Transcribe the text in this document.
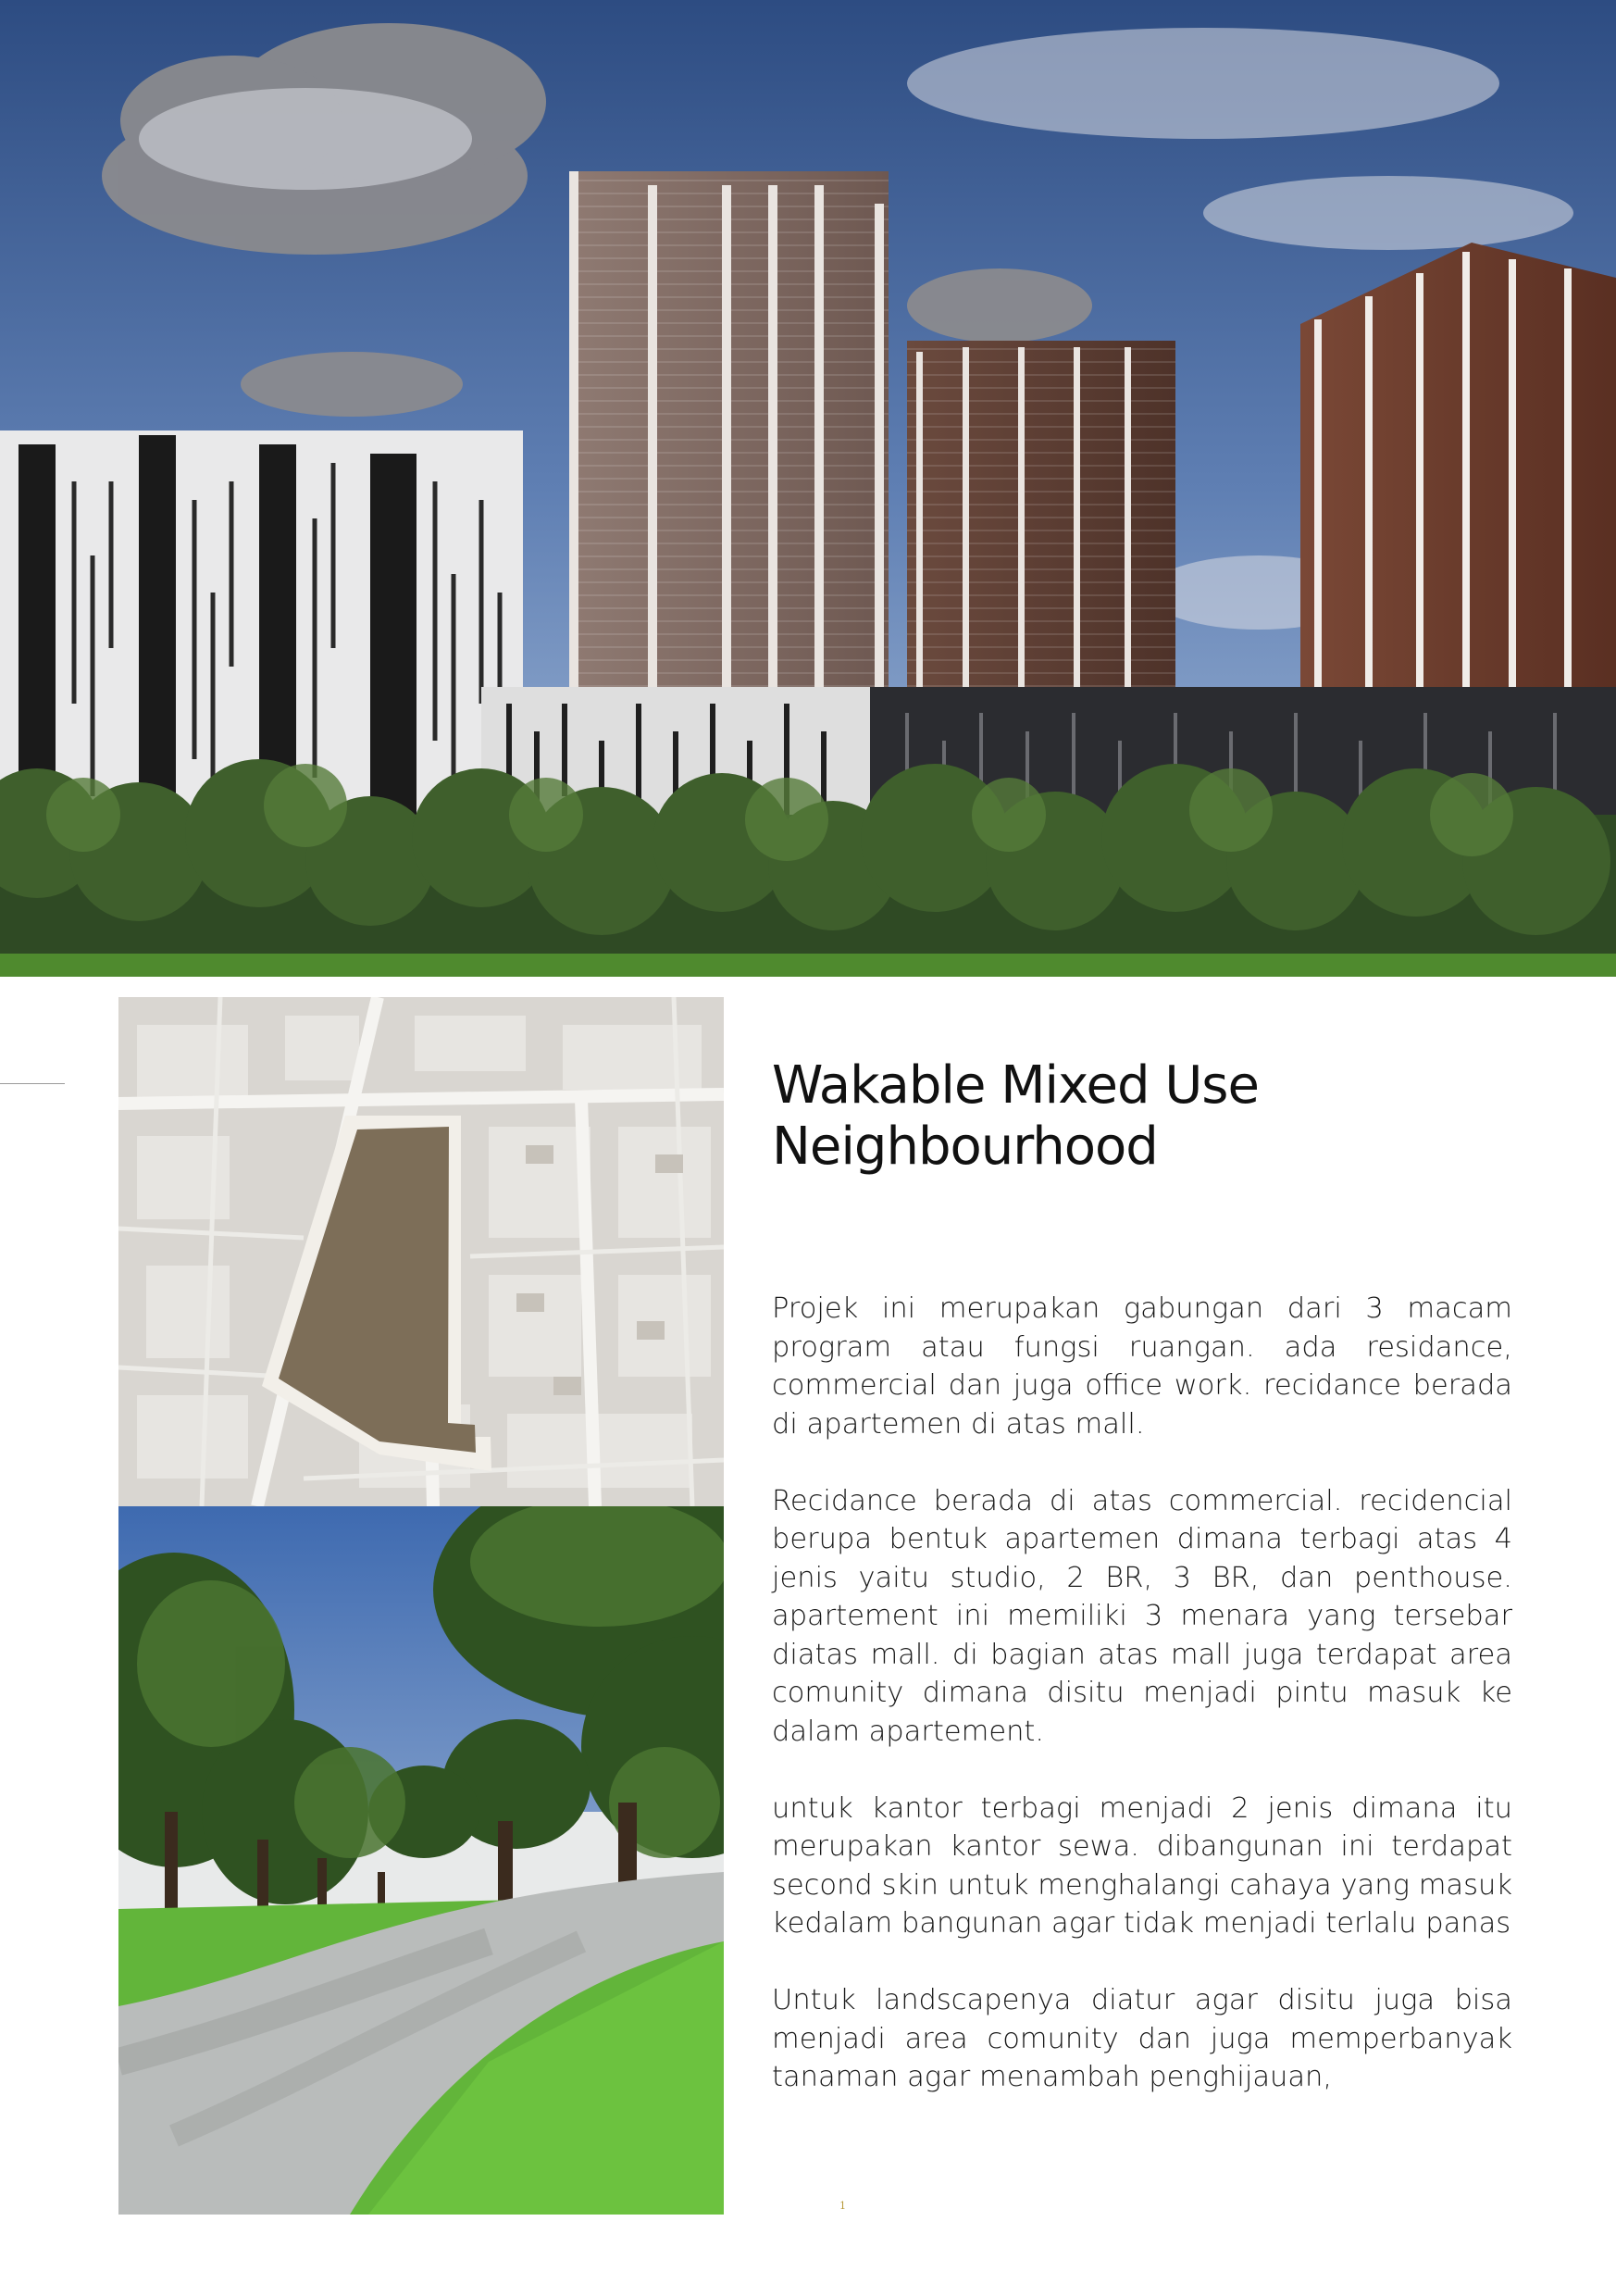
Wakable Mixed Use
Neighbourhood

Projek ini merupakan gabungan dari 3 macam program atau fungsi ruangan. ada residance, commercial dan juga office work. recidance berada di apartemen di atas mall.

Recidance berada di atas commercial. recidencial berupa bentuk apartemen dimana terbagi atas 4 jenis yaitu studio, 2 BR, 3 BR, dan penthouse. apartement ini memiliki 3 menara yang tersebar diatas mall. di bagian atas mall juga terdapat area comunity dimana disitu menjadi pintu masuk ke dalam apartement.

untuk kantor terbagi menjadi 2 jenis dimana itu merupakan kantor sewa. dibangunan ini terdapat second skin untuk menghalangi cahaya yang masuk kedalam bangunan agar tidak menjadi terlalu panas

Untuk landscapenya diatur agar disitu juga bisa menjadi area comunity dan juga memperbanyak tanaman agar menambah penghijauan,

1
